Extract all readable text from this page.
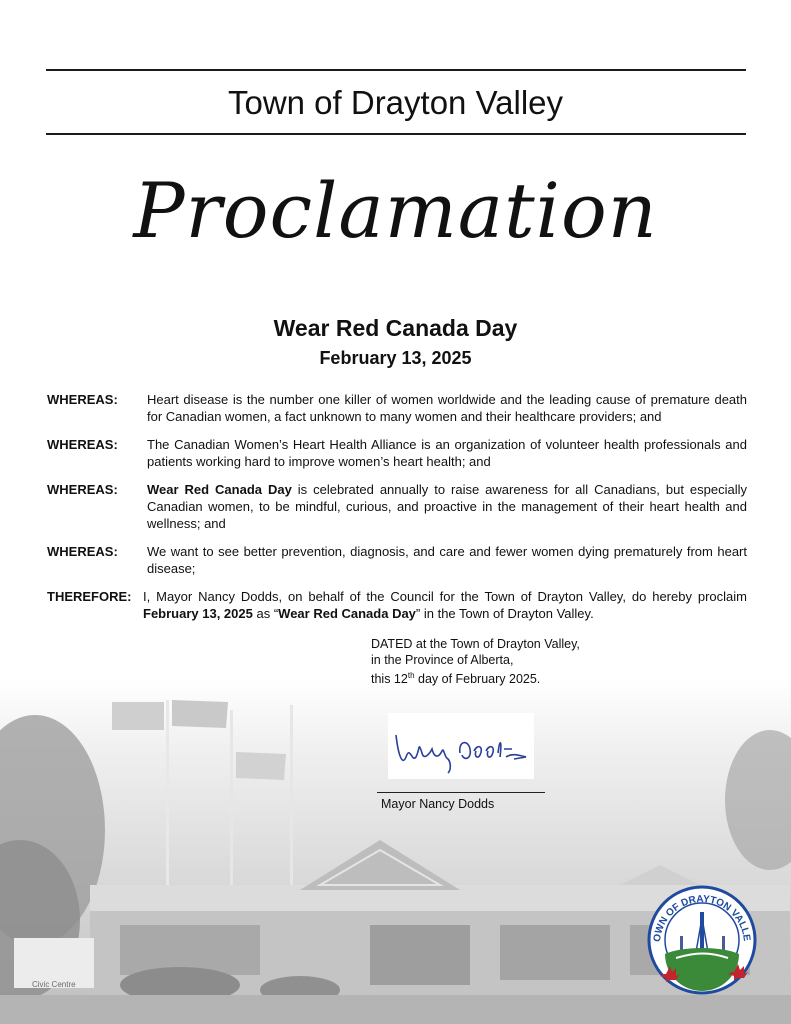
Town of Drayton Valley
Proclamation
Wear Red Canada Day
February 13, 2025
WHEREAS:	Heart disease is the number one killer of women worldwide and the leading cause of premature death for Canadian women, a fact unknown to many women and their healthcare providers; and
WHEREAS:	The Canadian Women’s Heart Health Alliance is an organization of volunteer health professionals and patients working hard to improve women’s heart health; and
WHEREAS:	Wear Red Canada Day is celebrated annually to raise awareness for all Canadians, but especially Canadian women, to be mindful, curious, and proactive in the management of their heart health and wellness; and
WHEREAS:	We want to see better prevention, diagnosis, and care and fewer women dying prematurely from heart disease;
THEREFORE: I, Mayor Nancy Dodds, on behalf of the Council for the Town of Drayton Valley, do hereby proclaim February 13, 2025 as “Wear Red Canada Day” in the Town of Drayton Valley.
Civic Centre
DATED at the Town of Drayton Valley,
in the Province of Alberta,
this 12th day of February 2025.
Mayor Nancy Dodds
OWN OF DRAYTON VALLE
